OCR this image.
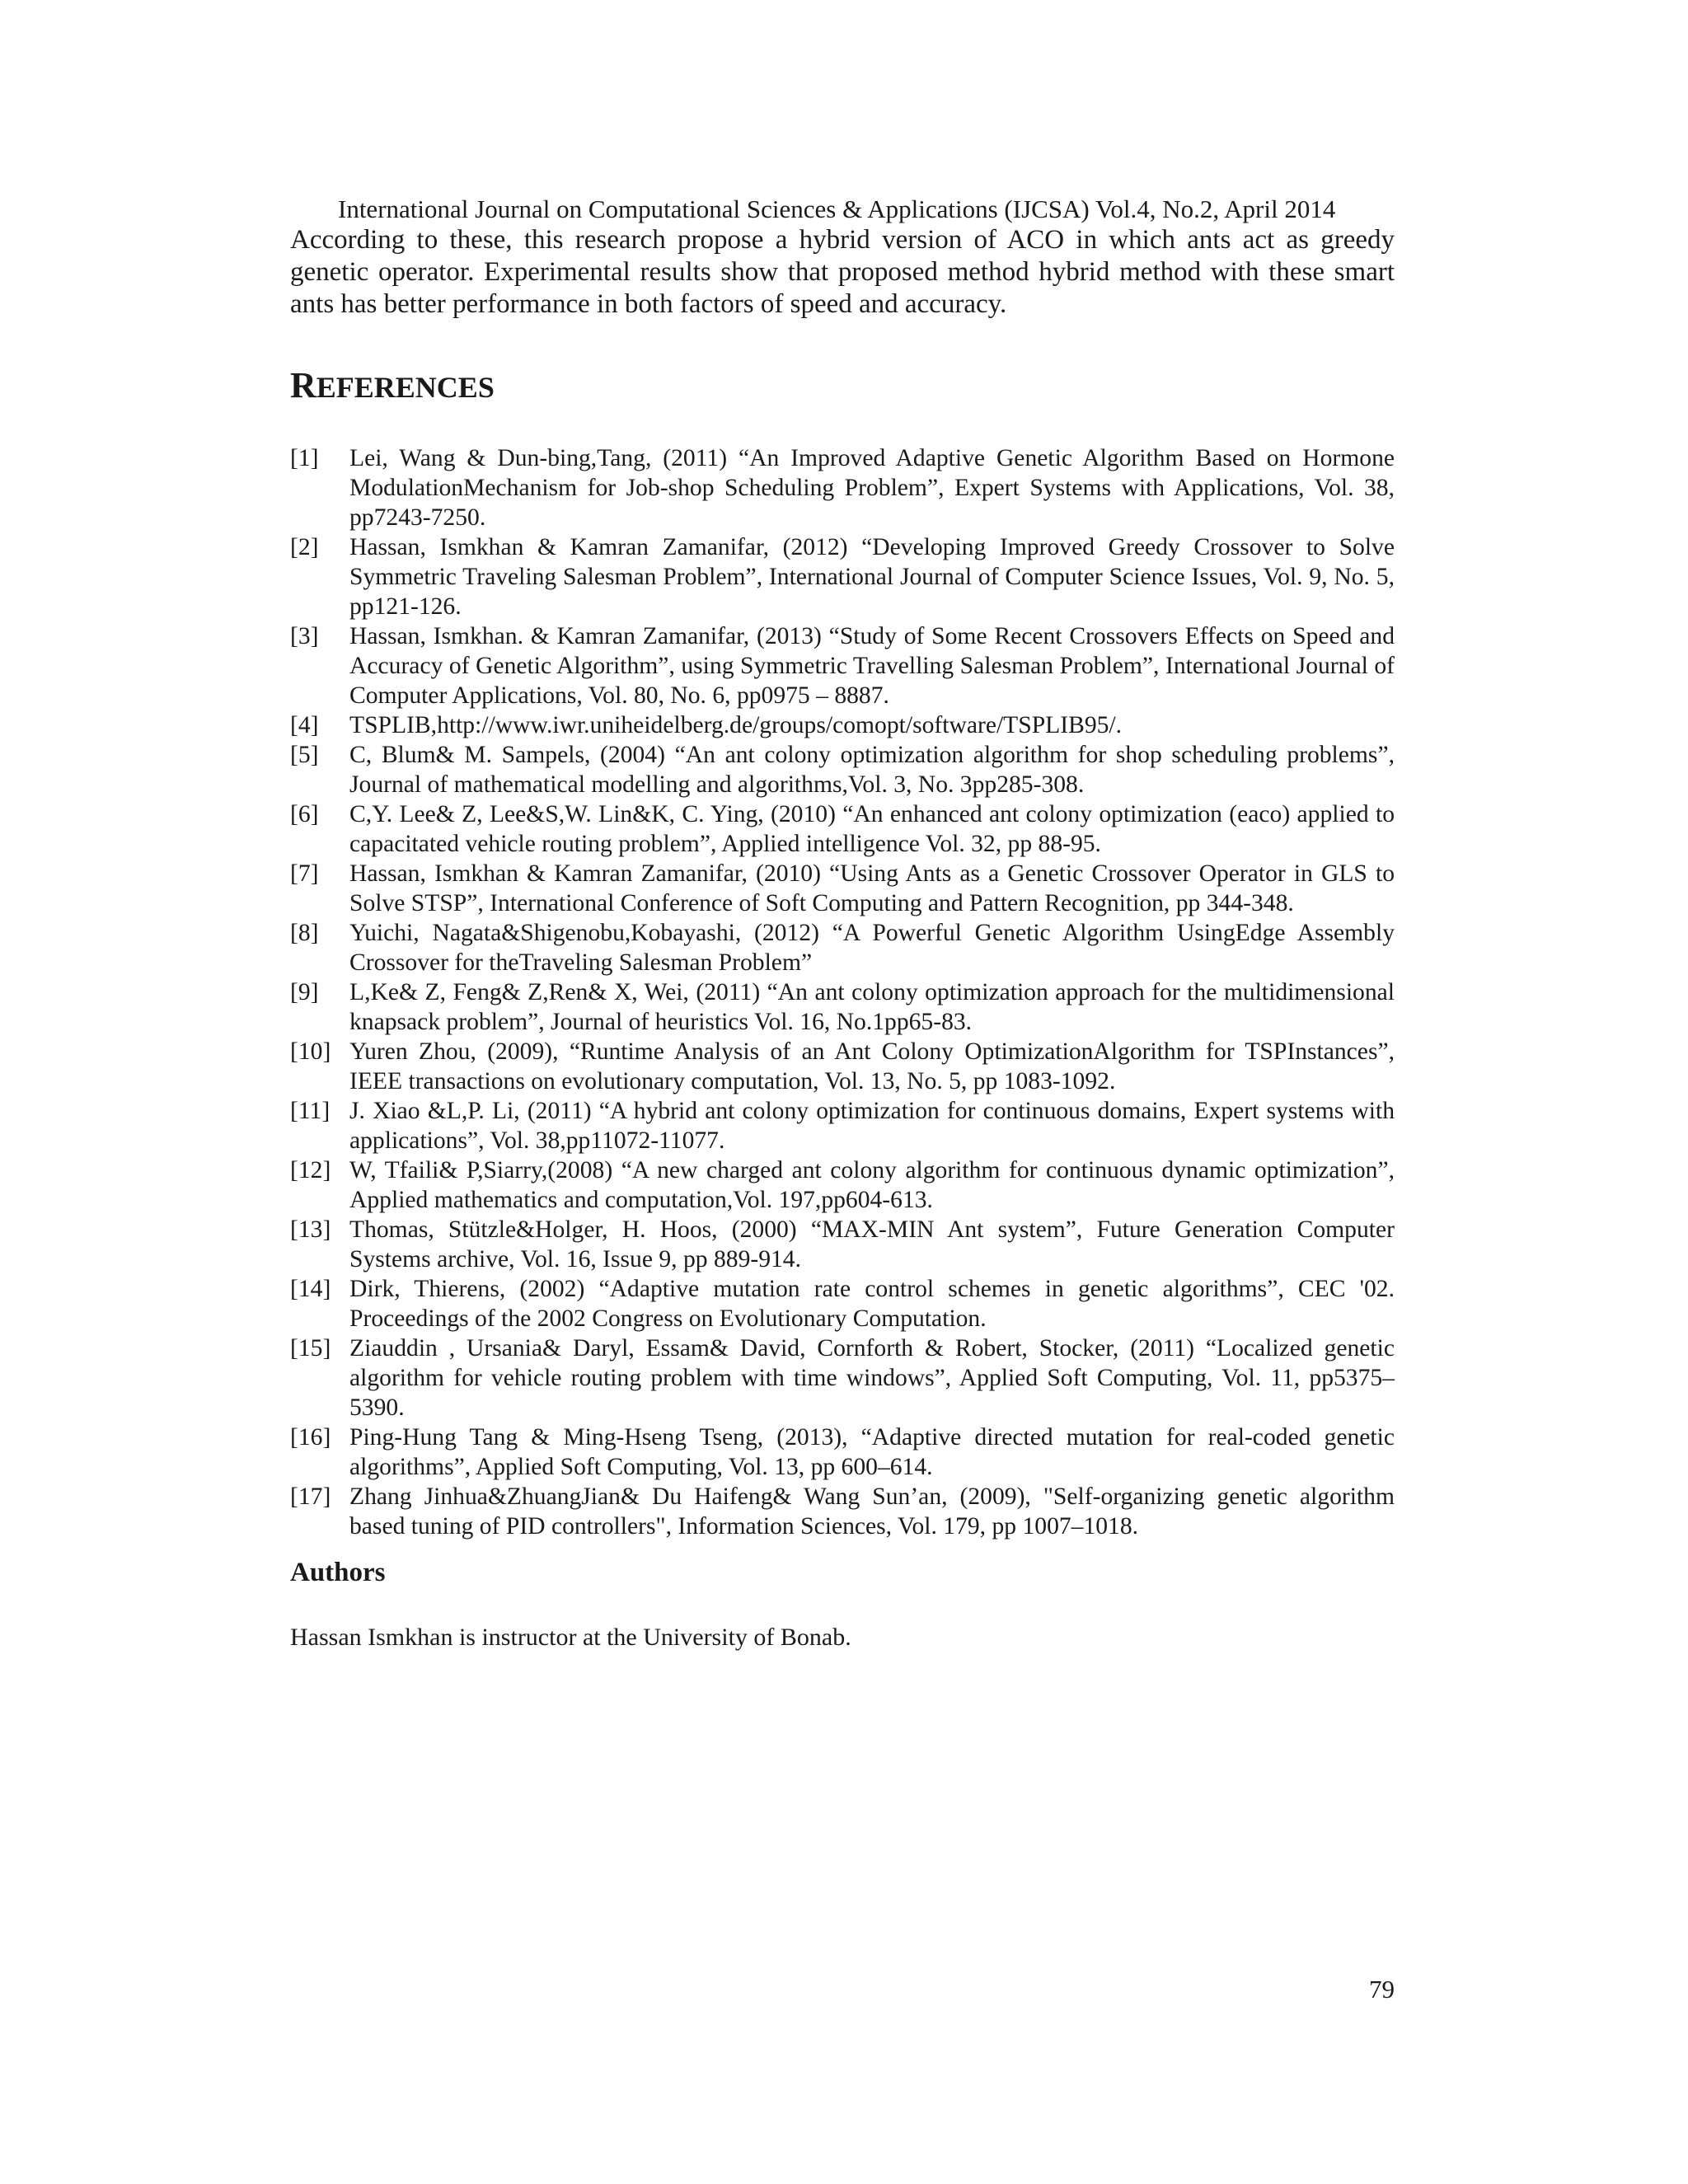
International Journal on Computational Sciences & Applications (IJCSA) Vol.4, No.2, April 2014

According to these, this research propose a hybrid version of ACO in which ants act as greedy genetic operator. Experimental results show that proposed method hybrid method with these smart ants has better performance in both factors of speed and accuracy.

REFERENCES
[1]	Lei, Wang & Dun-bing,Tang, (2011) “An Improved Adaptive Genetic Algorithm Based on Hormone ModulationMechanism for Job-shop Scheduling Problem”, Expert Systems with Applications, Vol. 38, pp7243-7250.
[2]	Hassan, Ismkhan & Kamran Zamanifar, (2012) “Developing Improved Greedy Crossover to Solve Symmetric Traveling Salesman Problem”, International Journal of Computer Science Issues, Vol. 9, No. 5, pp121-126.
[3]	Hassan, Ismkhan. & Kamran Zamanifar, (2013) “Study of Some Recent Crossovers Effects on Speed and Accuracy of Genetic Algorithm”, using Symmetric Travelling Salesman Problem”, International Journal of Computer Applications, Vol. 80, No. 6, pp0975 – 8887.
[4]	TSPLIB,http://www.iwr.uniheidelberg.de/groups/comopt/software/TSPLIB95/.
[5]	C, Blum& M. Sampels, (2004) “An ant colony optimization algorithm for shop scheduling problems”, Journal of mathematical modelling and algorithms,Vol. 3, No. 3pp285-308.
[6]	C,Y. Lee& Z, Lee&S,W. Lin&K, C. Ying, (2010) “An enhanced ant colony optimization (eaco) applied to capacitated vehicle routing problem”, Applied intelligence Vol. 32, pp 88-95.
[7]	Hassan, Ismkhan & Kamran Zamanifar, (2010) “Using Ants as a Genetic Crossover Operator in GLS to Solve STSP”, International Conference of Soft Computing and Pattern Recognition, pp 344-348.
[8]	Yuichi, Nagata&Shigenobu,Kobayashi, (2012) “A Powerful Genetic Algorithm UsingEdge Assembly Crossover for theTraveling Salesman Problem”
[9]	L,Ke& Z, Feng& Z,Ren& X, Wei, (2011) “An ant colony optimization approach for the multidimensional knapsack problem”, Journal of heuristics Vol. 16, No.1pp65-83.
[10] Yuren Zhou, (2009), “Runtime Analysis of an Ant Colony OptimizationAlgorithm for TSPInstances”, IEEE transactions on evolutionary computation, Vol. 13, No. 5, pp 1083-1092.
[11] J. Xiao &L,P. Li, (2011) “A hybrid ant colony optimization for continuous domains, Expert systems with applications”, Vol. 38,pp11072-11077.
[12] W, Tfaili& P,Siarry,(2008) “A new charged ant colony algorithm for continuous dynamic optimization”, Applied mathematics and computation,Vol. 197,pp604-613.
[13] Thomas, Stützle&Holger, H. Hoos, (2000) “MAX-MIN Ant system”, Future Generation Computer Systems archive, Vol. 16, Issue 9, pp 889-914.
[14] Dirk, Thierens, (2002) “Adaptive mutation rate control schemes in genetic algorithms”, CEC '02. Proceedings of the 2002 Congress on Evolutionary Computation.
[15] Ziauddin , Ursania& Daryl, Essam& David, Cornforth & Robert, Stocker, (2011) “Localized genetic algorithm for vehicle routing problem with time windows”, Applied Soft Computing, Vol. 11, pp5375–5390.
[16] Ping-Hung Tang & Ming-Hseng Tseng, (2013), “Adaptive directed mutation for real-coded genetic algorithms”, Applied Soft Computing, Vol. 13, pp 600–614.
[17] Zhang Jinhua&ZhuangJian& Du Haifeng& Wang Sun’an, (2009), "Self-organizing genetic algorithm based tuning of PID controllers", Information Sciences, Vol. 179, pp 1007–1018.
Authors

Hassan Ismkhan is instructor at the University of Bonab.

79
